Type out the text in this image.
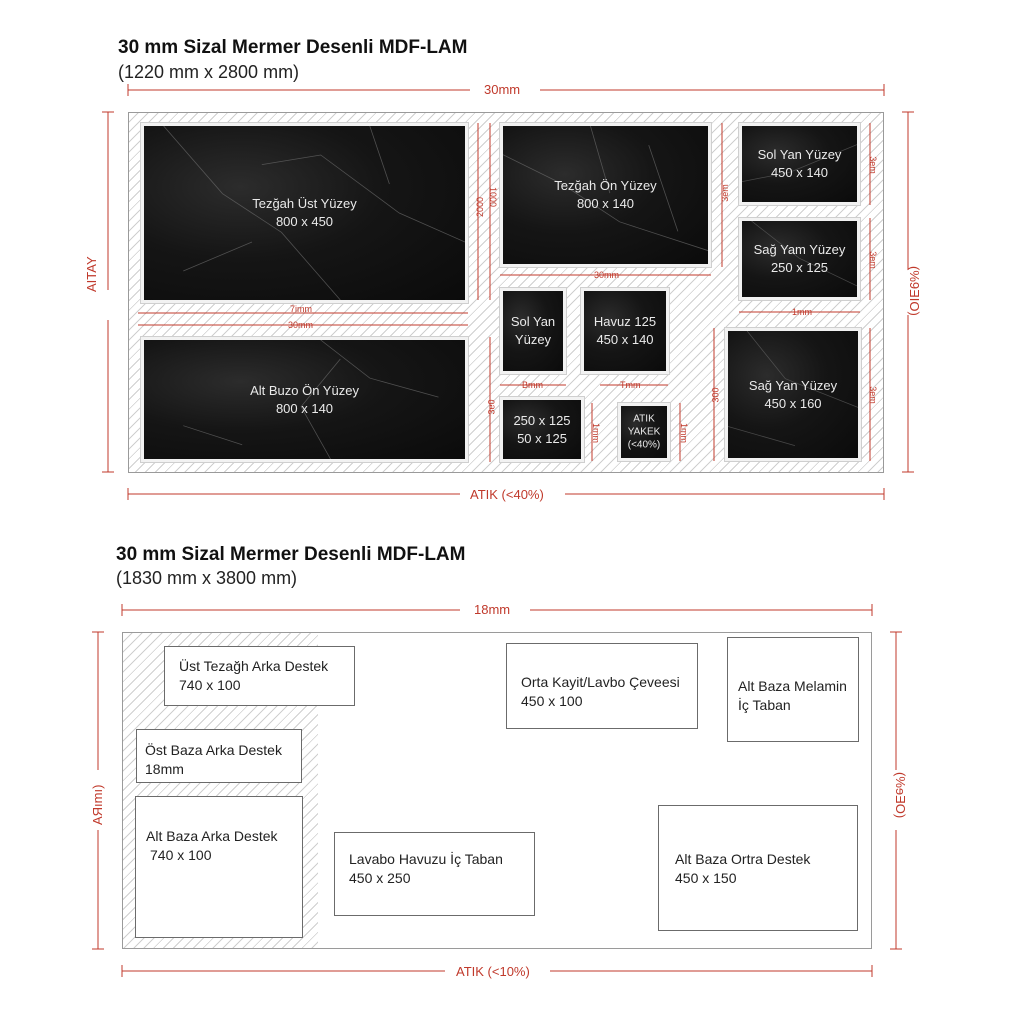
30 mm Sizal Mermer Desenli MDF-LAM
(1220 mm x 2800 mm)
Tezğah Üst Yüzey
800 x 450
Alt Buzo Ön Yüzey
800 x 140
Tezğah Ön Yüzey
800 x 140
Sol Yan Yüzey
450 x 140
Sağ Yam Yüzey
250 x 125
Sol Yan
Yüzey
Havuz 125
450 x 140
Sağ Yan Yüzey
450 x 160
250 x 125
50 x 125
ATIK
YAKEK
(<40%)
30mm
AITAY	(%9ƎIO)
ATIK (<40%)
7imm
30mm
30mm
Bmm	Tmm
1mm
2000 1000	3em
3em
3em
3e0
300	3em
1mm	1mm
30 mm Sizal Mermer Desenli MDF-LAM
(1830 mm x 3800 mm)
Üst Tezağh Arka Destek
740 x 100
Öst Baza Arka Destek
18mm
Alt Baza Arka Destek
740 x 100
Orta Kayit/Lavbo Çeveesi
450 x 100
Alt Baza Melamin
İç Taban
Lavabo Havuzu İç Taban
450 x 250
Alt Baza Ortra Destek
450 x 150
18mm
AЯımı)	(%ɘƎO)
ATIK (<10%)
